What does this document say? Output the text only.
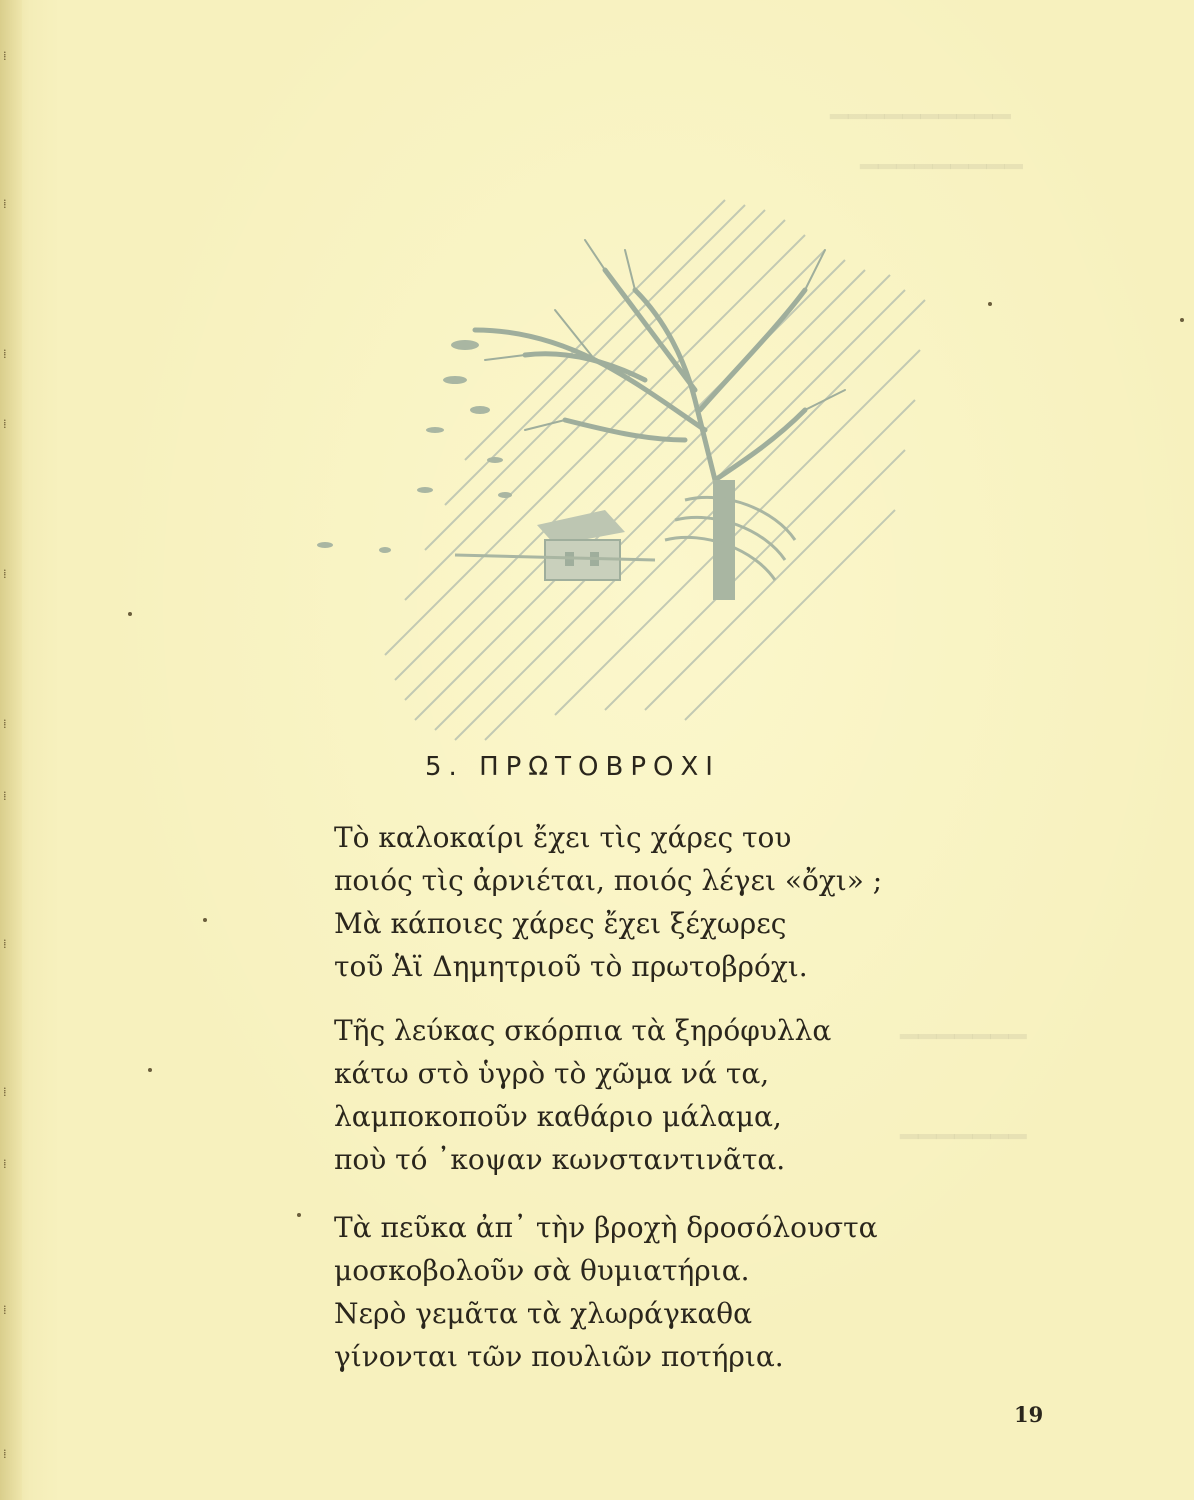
⁞
⁞
⁞
⁞
⁞
⁞
⁞
⁞
⁞
⁞
⁞
⁞
━━━━━━━━━━
━━━━━━━━━
━━━━━━━
━━━━━━━
5. ΠΡΩΤΟΒΡΟΧΙ
Τὸ καλοκαίρι ἔχει τὶς χάρες του
ποιός τὶς ἀρνιέται, ποιός λέγει «ὄχι» ;
Μὰ κάποιες χάρες ἔχει ξέχωρες
τοῦ Ἁϊ Δημητριοῦ τὸ πρωτοβρόχι.
Τῆς λεύκας σκόρπια τὰ ξηρόφυλλα
κάτω στὸ ὑγρὸ τὸ χῶμα νά τα,
λαμποκοποῦν καθάριο μάλαμα,
ποὺ τό ᾽κοψαν κωνσταντινᾶτα.
Τὰ πεῦκα ἀπ᾽ τὴν βροχὴ δροσόλουστα
μοσκοβολοῦν σὰ θυμιατήρια.
Νερὸ γεμᾶτα τὰ χλωράγκαθα
γίνονται τῶν πουλιῶν ποτήρια.
19
